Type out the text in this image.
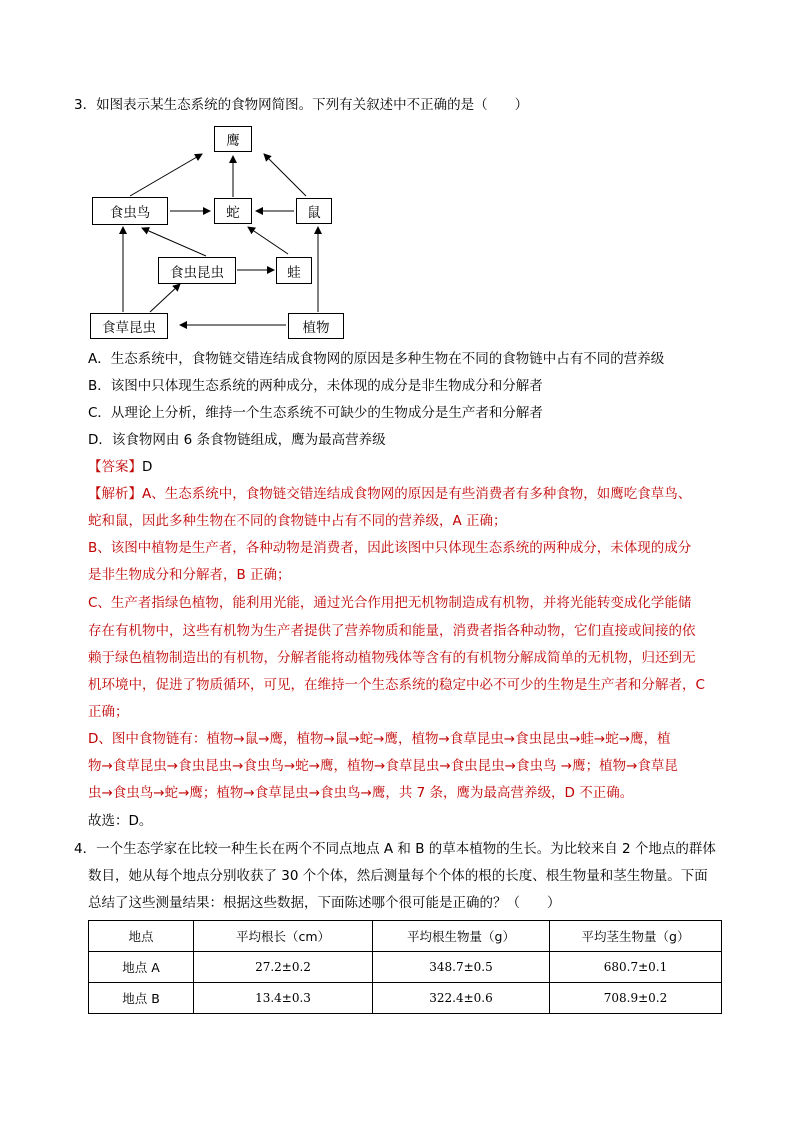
3．如图表示某生态系统的食物网简图。下列有关叙述中不正确的是（　　）
鹰
食虫鸟	蛇	鼠
食虫昆虫	蛙
食草昆虫	植物
A．生态系统中，食物链交错连结成食物网的原因是多种生物在不同的食物链中占有不同的营养级
B．该图中只体现生态系统的两种成分，未体现的成分是非生物成分和分解者
C．从理论上分析，维持一个生态系统不可缺少的生物成分是生产者和分解者
D．该食物网由 6 条食物链组成，鹰为最高营养级
【答案】D
【解析】A、生态系统中，食物链交错连结成食物网的原因是有些消费者有多种食物，如鹰吃食草鸟、
蛇和鼠，因此多种生物在不同的食物链中占有不同的营养级，A 正确；
B、该图中植物是生产者，各种动物是消费者，因此该图中只体现生态系统的两种成分，未体现的成分
是非生物成分和分解者，B 正确；
C、生产者指绿色植物，能利用光能，通过光合作用把无机物制造成有机物，并将光能转变成化学能储
存在有机物中，这些有机物为生产者提供了营养物质和能量，消费者指各种动物，它们直接或间接的依
赖于绿色植物制造出的有机物，分解者能将动植物残体等含有的有机物分解成简单的无机物，归还到无
机环境中，促进了物质循环，可见，在维持一个生态系统的稳定中必不可少的生物是生产者和分解者，C
正确；
D、图中食物链有：植物→鼠→鹰，植物→鼠→蛇→鹰，植物→食草昆虫→食虫昆虫→蛙→蛇→鹰，植
物→食草昆虫→食虫昆虫→食虫鸟→蛇→鹰，植物→食草昆虫→食虫昆虫→食虫鸟 →鹰；植物→食草昆
虫→食虫鸟→蛇→鹰；植物→食草昆虫→食虫鸟→鹰，共 7 条，鹰为最高营养级，D 不正确。
故选：D。
4．一个生态学家在比较一种生长在两个不同点地点 A 和 B 的草本植物的生长。为比较来自 2 个地点的群体
数目，她从每个地点分别收获了 30 个个体，然后测量每个个体的根的长度、根生物量和茎生物量。下面
总结了这些测量结果：根据这些数据，下面陈述哪个很可能是正确的？（　　）
地点	平均根长（cm）	平均根生物量（g）	平均茎生物量（g）
地点 A	27.2±0.2	348.7±0.5	680.7±0.1
地点 B	13.4±0.3	322.4±0.6	708.9±0.2
